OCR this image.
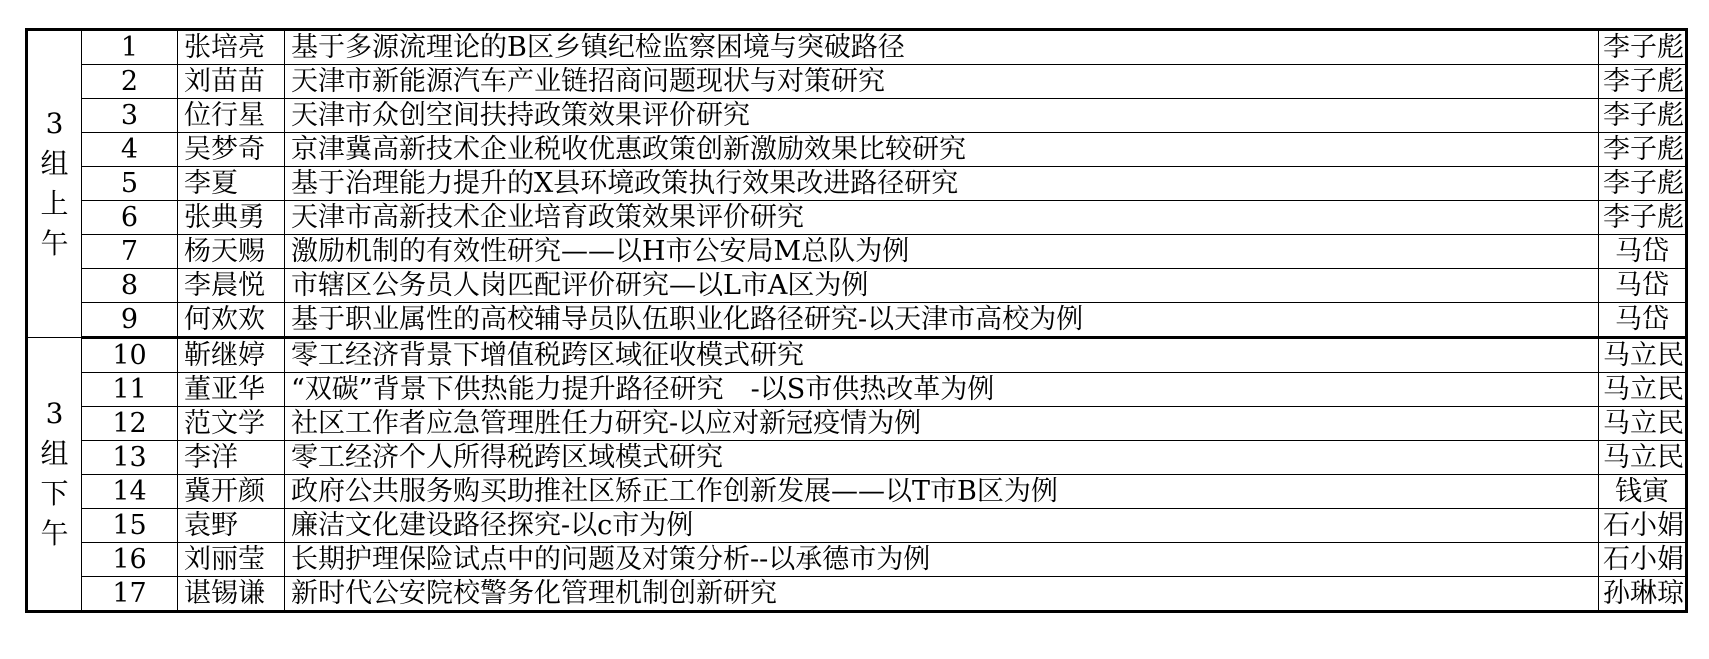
3
组
上
午	1	张培亮	基于多源流理论的B区乡镇纪检监察困境与突破路径	李子彪
	2	刘苗苗	天津市新能源汽车产业链招商问题现状与对策研究	李子彪
	3	位行星	天津市众创空间扶持政策效果评价研究	李子彪
	4	吴梦奇	京津冀高新技术企业税收优惠政策创新激励效果比较研究	李子彪
	5	李夏	基于治理能力提升的X县环境政策执行效果改进路径研究	李子彪
	6	张典勇	天津市高新技术企业培育政策效果评价研究	李子彪
	7	杨天赐	激励机制的有效性研究——以H市公安局M总队为例	马岱
	8	李晨悦	市辖区公务员人岗匹配评价研究—以L市A区为例	马岱
	9	何欢欢	基于职业属性的高校辅导员队伍职业化路径研究-以天津市高校为例	马岱

3
组
下
午	10	靳继婷	零工经济背景下增值税跨区域征收模式研究	马立民
	11	董亚华	“双碳”背景下供热能力提升路径研究　-以S市供热改革为例	马立民
	12	范文学	社区工作者应急管理胜任力研究-以应对新冠疫情为例	马立民
	13	李洋	零工经济个人所得税跨区域模式研究	马立民
	14	冀开颜	政府公共服务购买助推社区矫正工作创新发展——以T市B区为例	钱寅
	15	袁野	廉洁文化建设路径探究-以c市为例	石小娟
	16	刘丽莹	长期护理保险试点中的问题及对策分析--以承德市为例	石小娟
	17	谌锡谦	新时代公安院校警务化管理机制创新研究	孙琳琼
